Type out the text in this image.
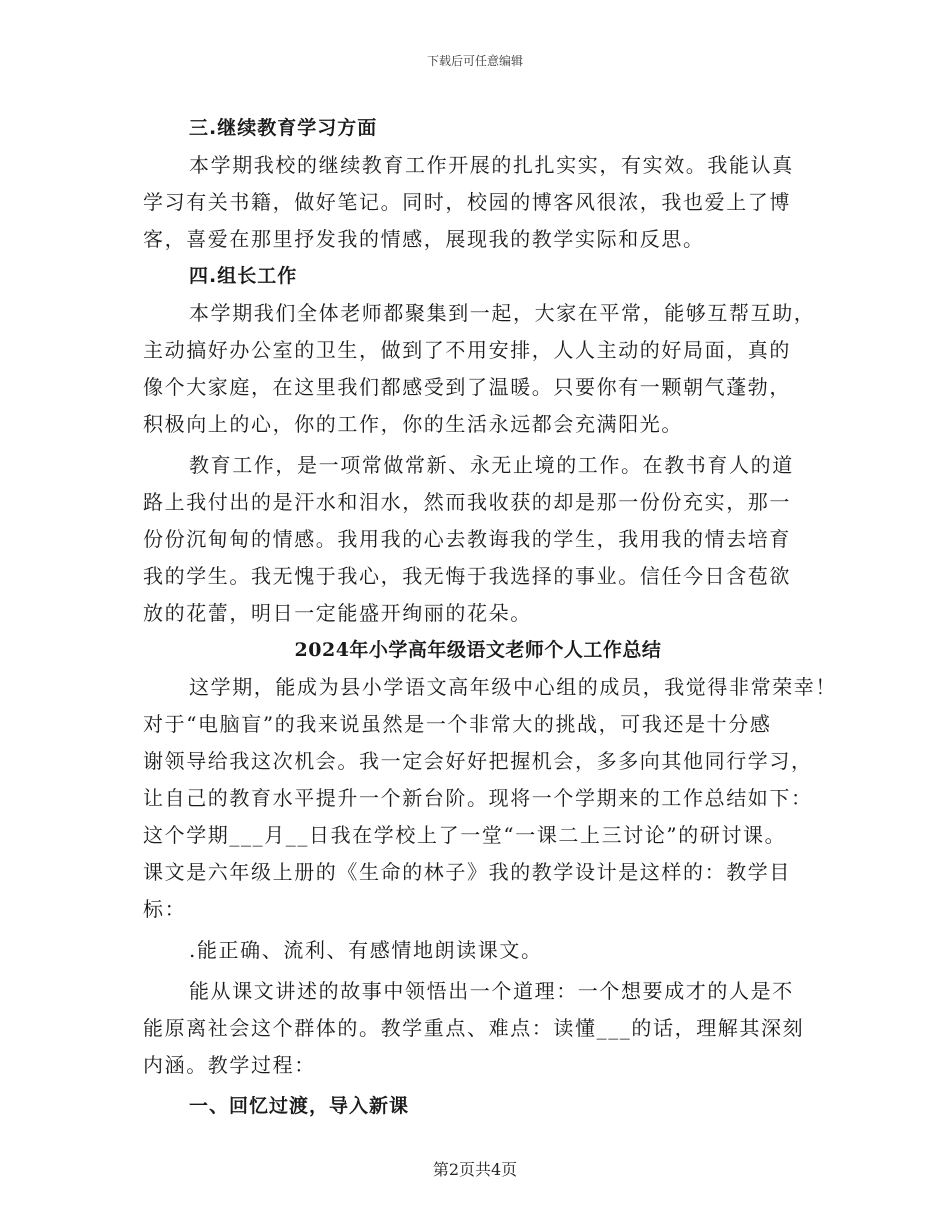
下载后可任意编辑
三.继续教育学习方面
本学期我校的继续教育工作开展的扎扎实实，有实效。我能认真
学习有关书籍，做好笔记。同时，校园的博客风很浓，我也爱上了博
客，喜爱在那里抒发我的情感，展现我的教学实际和反思。
四.组长工作
本学期我们全体老师都聚集到一起，大家在平常，能够互帮互助，
主动搞好办公室的卫生，做到了不用安排，人人主动的好局面，真的
像个大家庭，在这里我们都感受到了温暖。只要你有一颗朝气蓬勃，
积极向上的心，你的工作，你的生活永远都会充满阳光。
教育工作，是一项常做常新、永无止境的工作。在教书育人的道
路上我付出的是汗水和泪水，然而我收获的却是那一份份充实，那一
份份沉甸甸的情感。我用我的心去教诲我的学生，我用我的情去培育
我的学生。我无愧于我心，我无悔于我选择的事业。信任今日含苞欲
放的花蕾，明日一定能盛开绚丽的花朵。
2024年小学高年级语文老师个人工作总结
这学期，能成为县小学语文高年级中心组的成员，我觉得非常荣幸！
对于“电脑盲”的我来说虽然是一个非常大的挑战，可我还是十分感
谢领导给我这次机会。我一定会好好把握机会，多多向其他同行学习，
让自己的教育水平提升一个新台阶。现将一个学期来的工作总结如下：
这个学期___月__日我在学校上了一堂“一课二上三讨论”的研讨课。
课文是六年级上册的《生命的林子》我的教学设计是这样的：教学目
标：
.能正确、流利、有感情地朗读课文。
能从课文讲述的故事中领悟出一个道理：一个想要成才的人是不
能原离社会这个群体的。教学重点、难点：读懂___的话，理解其深刻
内涵。教学过程：
一、回忆过渡，导入新课
第2页共4页
